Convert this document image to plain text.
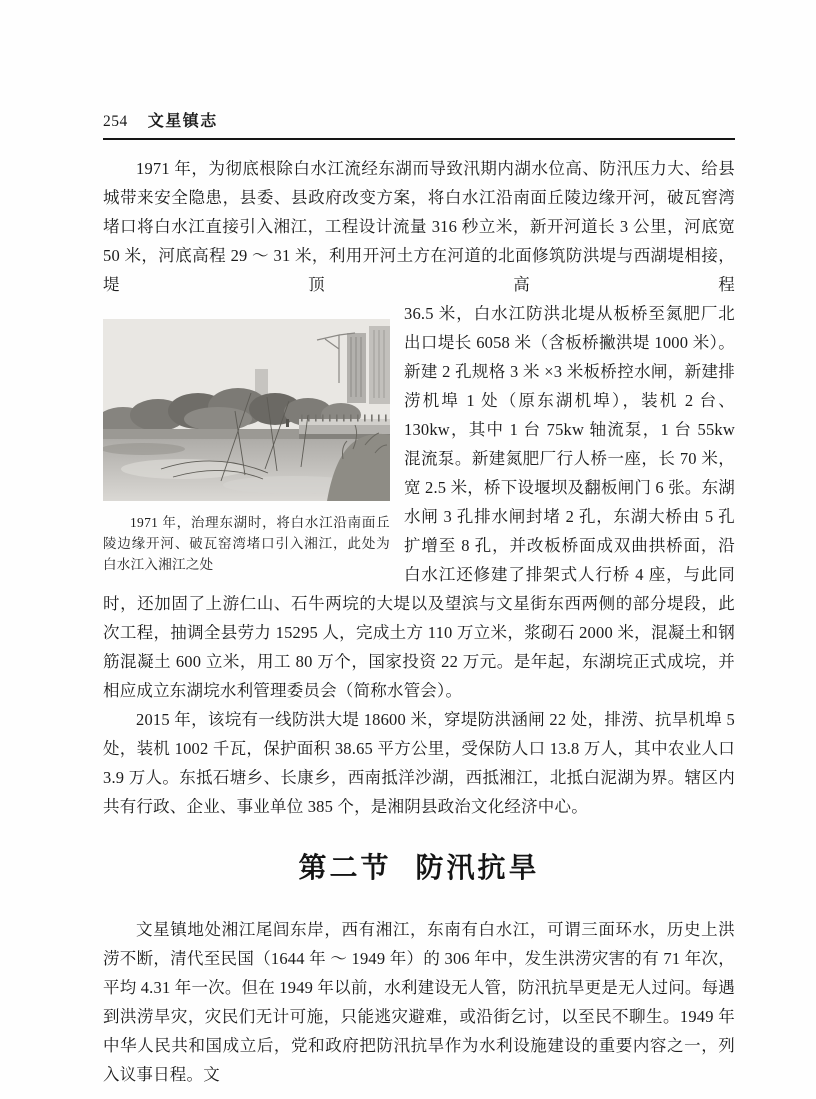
254 文星镇志

1971 年，为彻底根除白水江流经东湖而导致汛期内湖水位高、防汛压力大、给县城带来安全隐患，县委、县政府改变方案，将白水江沿南面丘陵边缘开河，破瓦窖湾堵口将白水江直接引入湘江，工程设计流量 316 秒立米，新开河道长 3 公里，河底宽 50 米，河底高程 29 ～ 31 米，利用开河土方在河道的北面修筑防洪堤与西湖堤相接，堤顶高程

1971 年，治理东湖时，将白水江沿南面丘陵边缘开河、破瓦窑湾堵口引入湘江，此处为白水江入湘江之处
36.5 米，白水江防洪北堤从板桥至氮肥厂北出口堤长 6058 米（含板桥撇洪堤 1000 米）。新建 2 孔规格 3 米 ×3 米板桥控水闸，新建排涝机埠 1 处（原东湖机埠），装机 2 台、130kw，其中 1 台 75kw 轴流泵，1 台 55kw 混流泵。新建氮肥厂行人桥一座，长 70 米，宽 2.5 米，桥下设堰坝及翻板闸门 6 张。东湖水闸 3 孔排水闸封堵 2 孔，东湖大桥由 5 孔扩增至 8 孔，并改板桥面成双曲拱桥面，沿白水江还修建了排架式人行桥 4 座，与此同时，还加固了上游仁山、石牛两垸的大堤以及望滨与文星街东西两侧的部分堤段，此次工程，抽调全县劳力 15295 人，完成土方 110 万立米，浆砌石 2000 米，混凝土和钢筋混凝土 600 立米，用工 80 万个，国家投资 22 万元。是年起，东湖垸正式成垸，并相应成立东湖垸水利管理委员会（简称水管会）。

2015 年，该垸有一线防洪大堤 18600 米，穿堤防洪涵闸 22 处，排涝、抗旱机埠 5 处，装机 1002 千瓦，保护面积 38.65 平方公里，受保防人口 13.8 万人，其中农业人口 3.9 万人。东抵石塘乡、长康乡，西南抵洋沙湖，西抵湘江，北抵白泥湖为界。辖区内共有行政、企业、事业单位 385 个，是湘阴县政治文化经济中心。

第二节 防汛抗旱

文星镇地处湘江尾闾东岸，西有湘江，东南有白水江，可谓三面环水，历史上洪涝不断，清代至民国（1644 年 ～ 1949 年）的 306 年中，发生洪涝灾害的有 71 年次，平均 4.31 年一次。但在 1949 年以前，水利建设无人管，防汛抗旱更是无人过问。每遇到洪涝旱灾，灾民们无计可施，只能逃灾避难，或沿街乞讨，以至民不聊生。1949 年中华人民共和国成立后，党和政府把防汛抗旱作为水利设施建设的重要内容之一，列入议事日程。文
